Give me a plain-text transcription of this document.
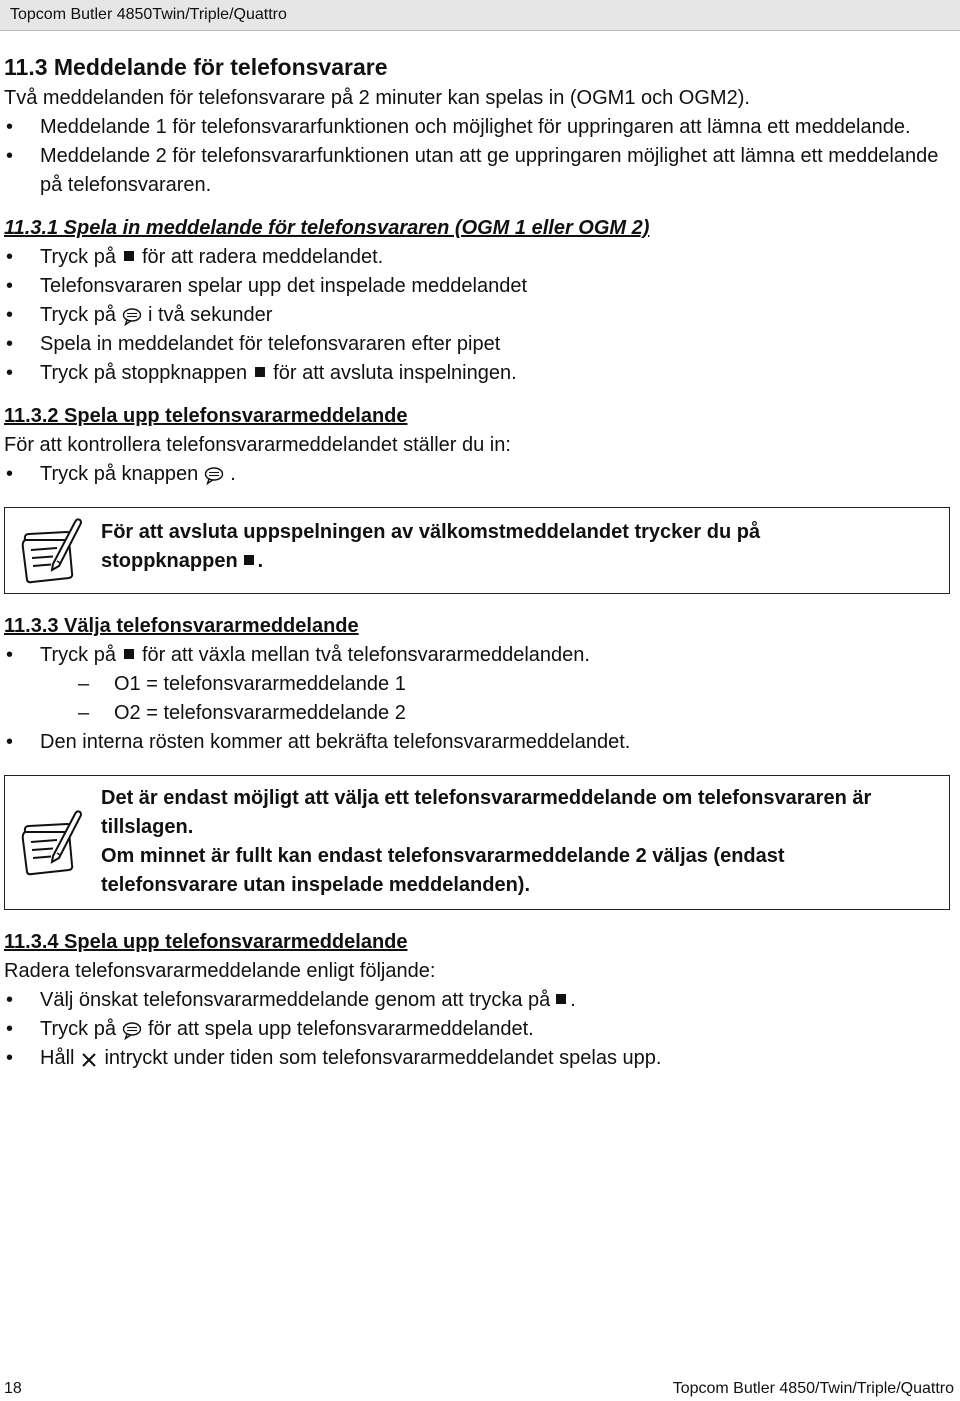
Topcom Butler 4850Twin/Triple/Quattro
11.3 Meddelande för telefonsvarare

Två meddelanden för telefonsvarare på 2 minuter kan spelas in (OGM1 och OGM2).

• Meddelande 1 för telefonsvararfunktionen och möjlighet för uppringaren att lämna ett meddelande.
• Meddelande 2 för telefonsvararfunktionen utan att ge uppringaren möjlighet att lämna ett meddelande på telefonsvararen.
11.3.1 Spela in meddelande för telefonsvararen (OGM 1 eller OGM 2)
• Tryck på för att radera meddelandet.
• Telefonsvararen spelar upp det inspelade meddelandet
• Tryck på i två sekunder
• Spela in meddelandet för telefonsvararen efter pipet
• Tryck på stoppknappen för att avsluta inspelningen.
11.3.2 Spela upp telefonsvararmeddelande

För att kontrollera telefonsvararmeddelandet ställer du in:

• Tryck på knappen .
För att avsluta uppspelningen av välkomstmeddelandet trycker du på
stoppknappen .
11.3.3 Välja telefonsvararmeddelande
• Tryck på för att växla mellan två telefonsvararmeddelanden.
– O1 = telefonsvararmeddelande 1
– O2 = telefonsvararmeddelande 2
• Den interna rösten kommer att bekräfta telefonsvararmeddelandet.
Det är endast möjligt att välja ett telefonsvararmeddelande om telefonsvararen är tillslagen.
Om minnet är fullt kan endast telefonsvararmeddelande 2 väljas (endast telefonsvarare utan inspelade meddelanden).
11.3.4 Spela upp telefonsvararmeddelande

Radera telefonsvararmeddelande enligt följande:

• Välj önskat telefonsvararmeddelande genom att trycka på .
• Tryck på för att spela upp telefonsvararmeddelandet.
• Håll intryckt under tiden som telefonsvararmeddelandet spelas upp.
18	Topcom Butler 4850/Twin/Triple/Quattro
